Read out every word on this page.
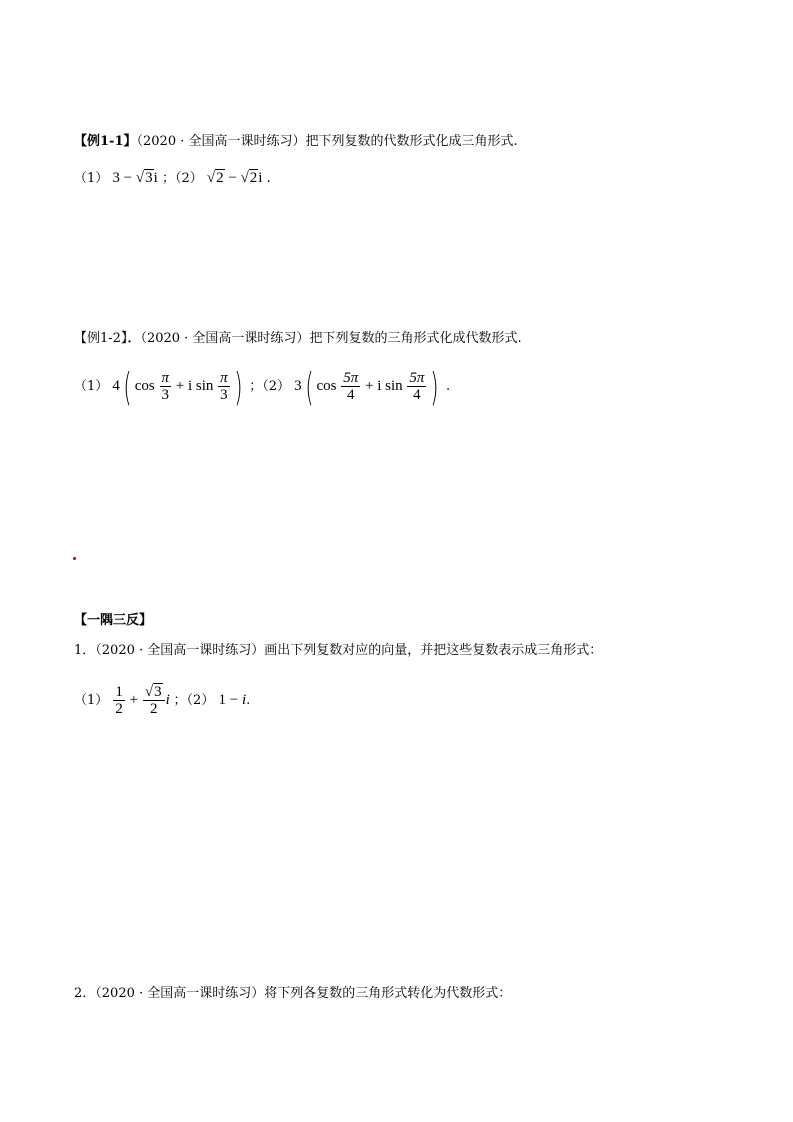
【例1-1】（2020 · 全国高一课时练习）把下列复数的代数形式化成三角形式.
（1） 3 − √3i ；（2） √2 − √2i .
【例1-2】．（2020 · 全国高一课时练习）把下列复数的三角形式化成代数形式.
（1） 4( $\cos \frac{\pi}{3} + i$ $\sin \frac{\pi}{3}$ ) ；（2） 3( $\cos \frac{5\pi}{4} + i$ $\sin \frac{5\pi}{4}$ ) .
【一隅三反】
1．（2020 · 全国高一课时练习）画出下列复数对应的向量，并把这些复数表示成三角形式：
$(1) \frac{1}{2} + \frac{√3}{2}$ i ；（2） 1 − i.
2．（2020 · 全国高一课时练习）将下列各复数的三角形式转化为代数形式：
